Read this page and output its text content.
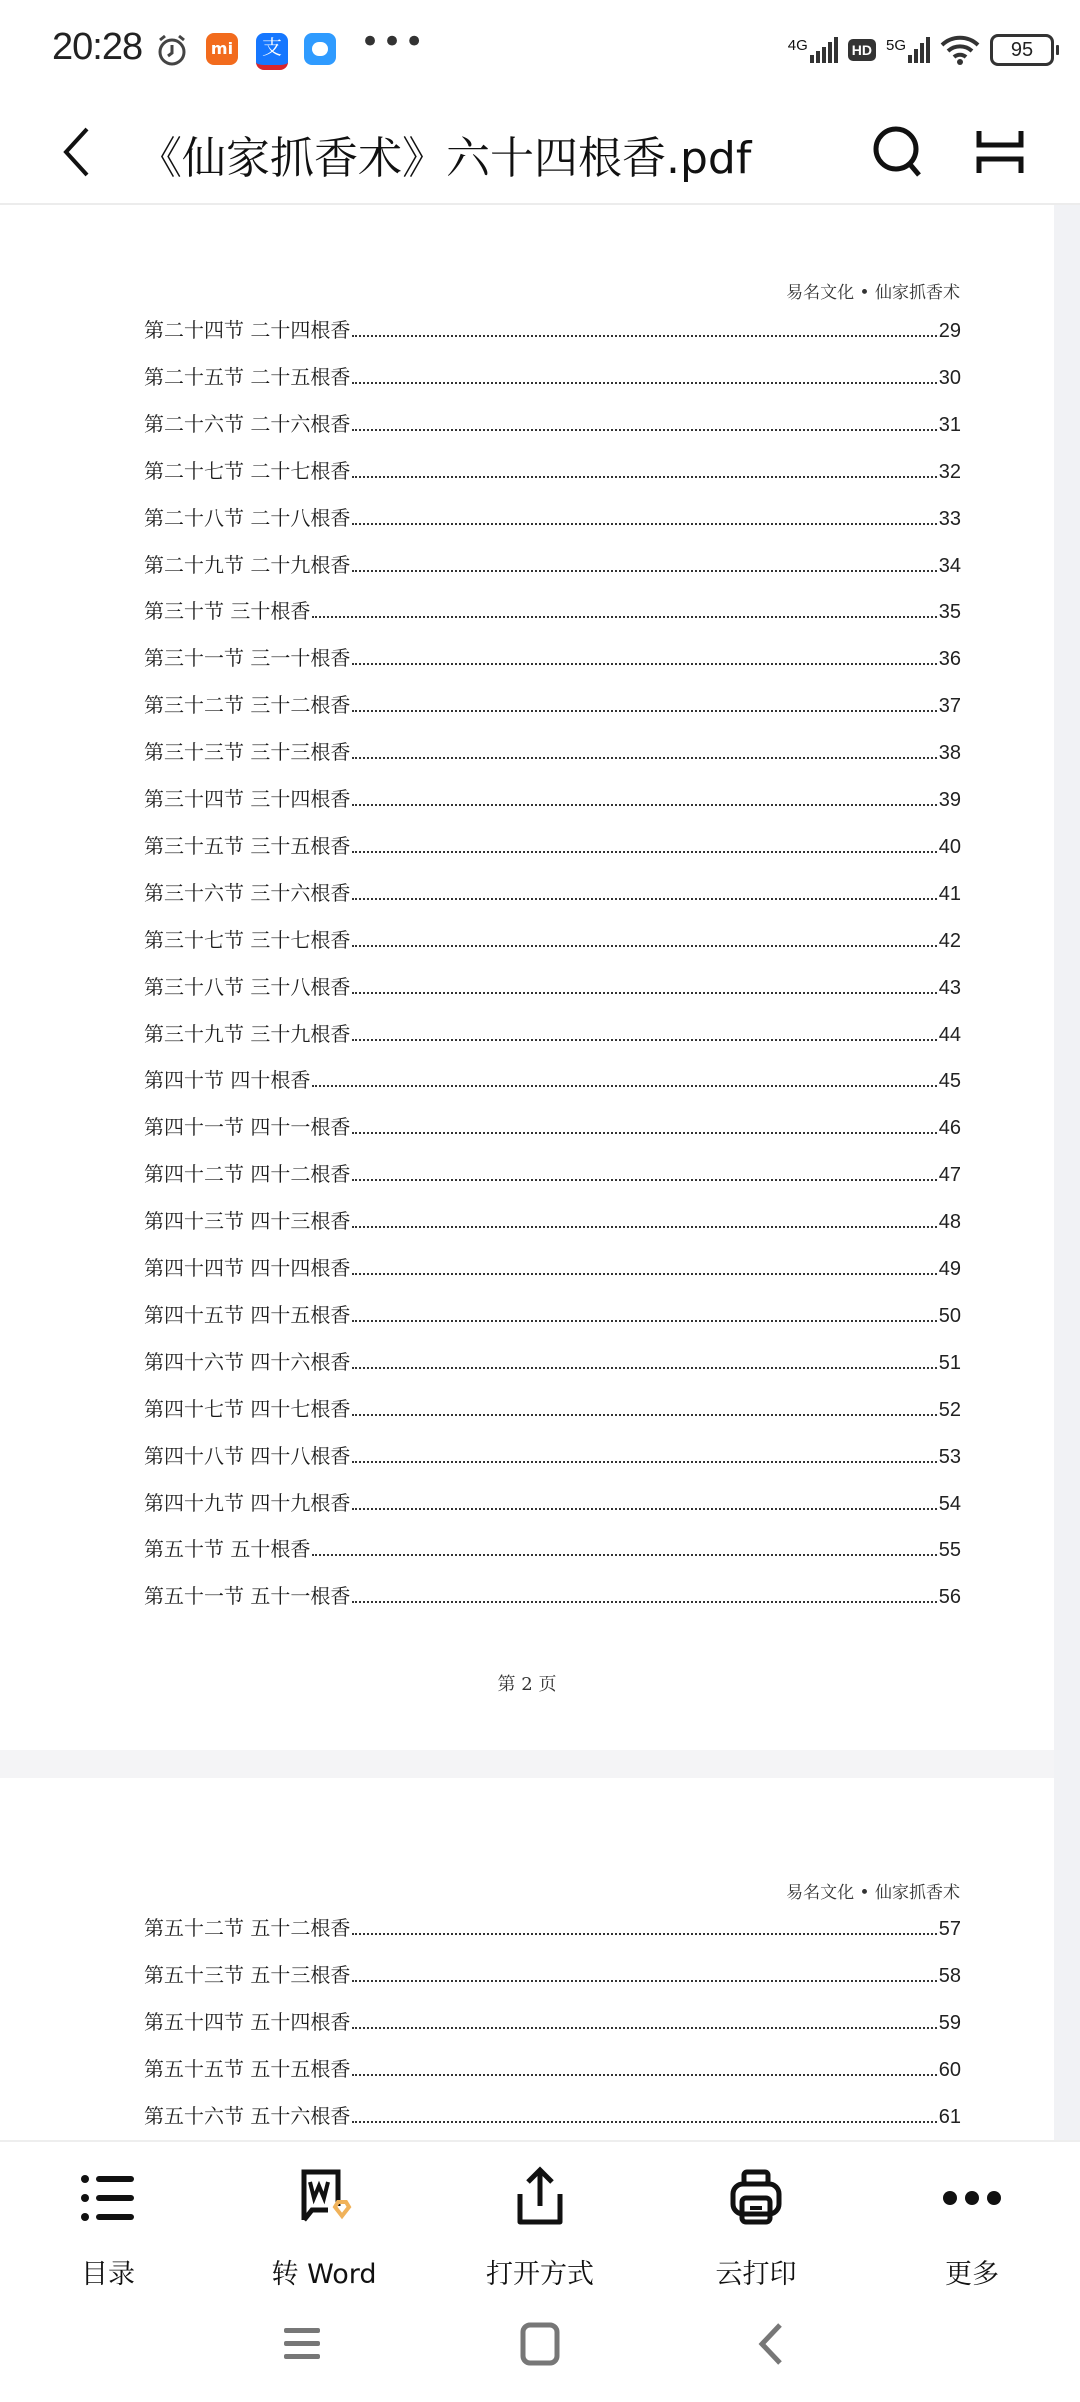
20:28	mi	支 •••	4G	HD 5G	95
《仙家抓香术》六十四根香.pdf
易名文化 • 仙家抓香术
第二十四节 二十四根香	29
第二十五节 二十五根香	30
第二十六节 二十六根香	31
第二十七节 二十七根香	32
第二十八节 二十八根香	33
第二十九节 二十九根香	34
第三十节 三十根香	35
第三十一节 三一十根香	36
第三十二节 三十二根香	37
第三十三节 三十三根香	38
第三十四节 三十四根香	39
第三十五节 三十五根香	40
第三十六节 三十六根香	41
第三十七节 三十七根香	42
第三十八节 三十八根香	43
第三十九节 三十九根香	44
第四十节 四十根香	45
第四十一节 四十一根香	46
第四十二节 四十二根香	47
第四十三节 四十三根香	48
第四十四节 四十四根香	49
第四十五节 四十五根香	50
第四十六节 四十六根香	51
第四十七节 四十七根香	52
第四十八节 四十八根香	53
第四十九节 四十九根香	54
第五十节 五十根香	55
第五十一节 五十一根香	56
第 2 页
易名文化 • 仙家抓香术
第五十二节 五十二根香	57
第五十三节 五十三根香	58
第五十四节 五十四根香	59
第五十五节 五十五根香	60
第五十六节 五十六根香	61
目录	转 Word	打开方式	云打印	更多
